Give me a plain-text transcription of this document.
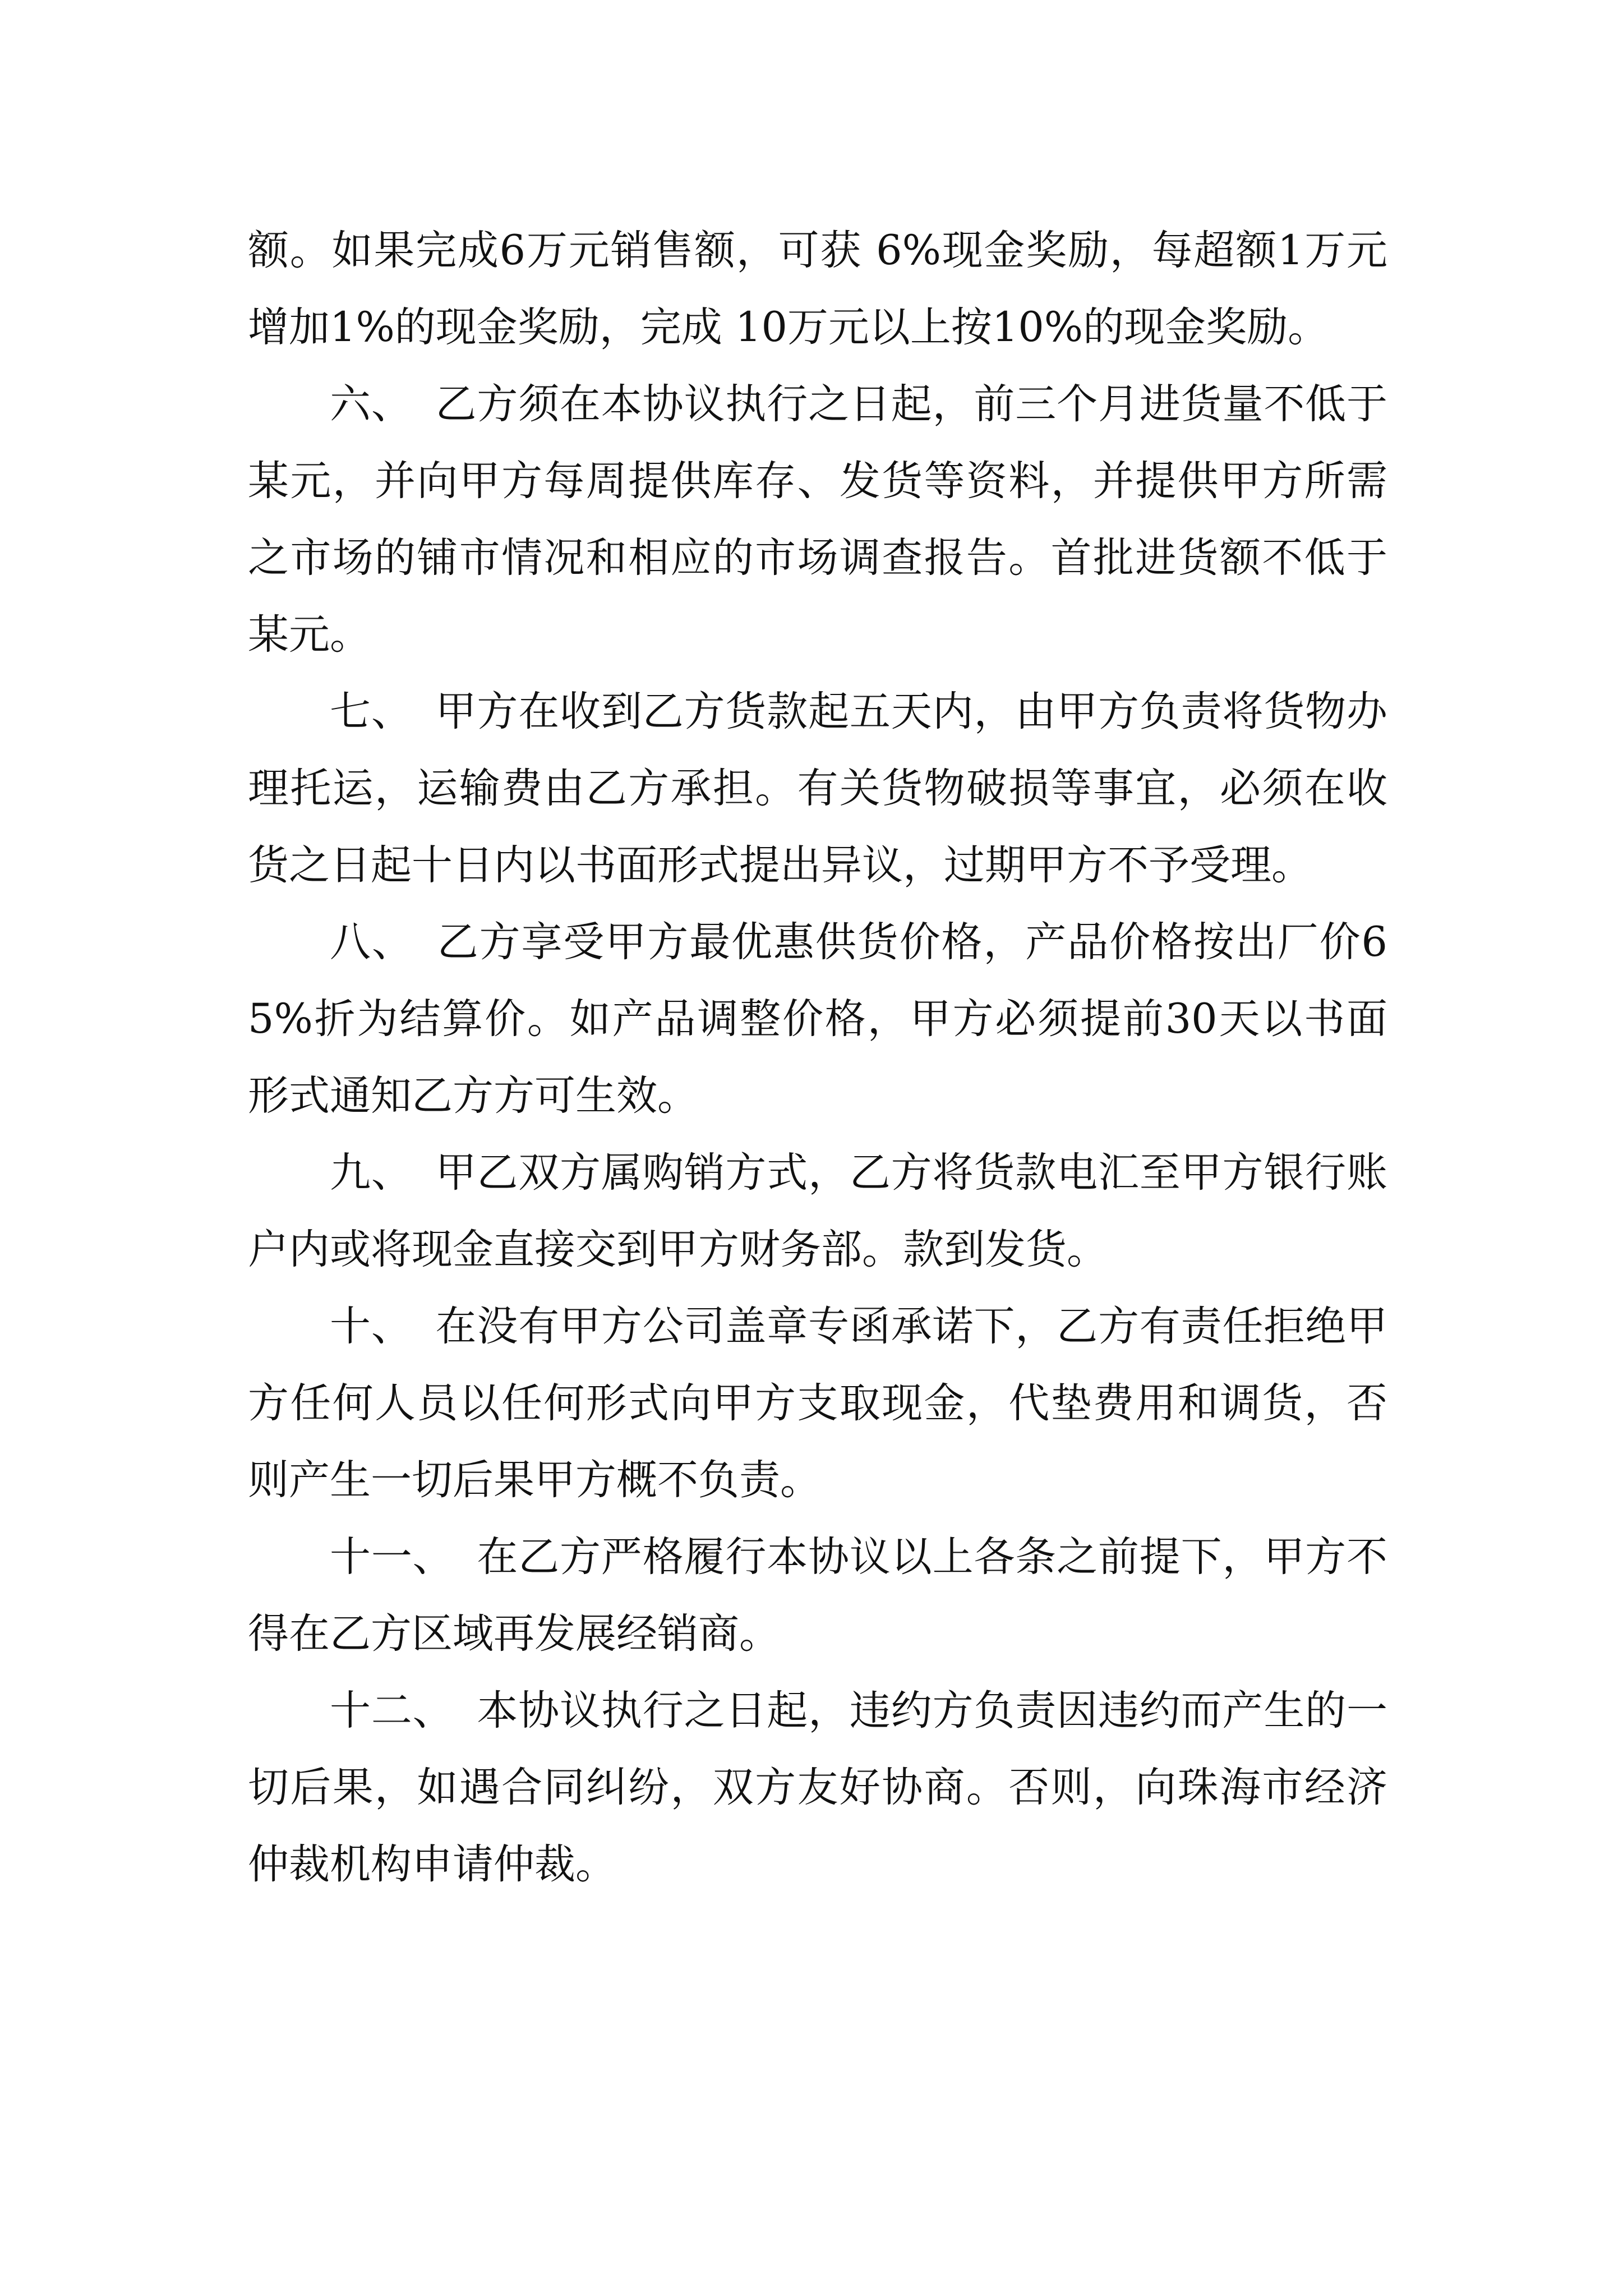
额。如果完成6万元销售额，可获 6%现金奖励，每超额1万元增加1%的现金奖励，完成 10万元以上按10%的现金奖励。

六、 乙方须在本协议执行之日起，前三个月进货量不低于某元，并向甲方每周提供库存、发货等资料，并提供甲方所需之市场的铺市情况和相应的市场调查报告。首批进货额不低于某元。

七、 甲方在收到乙方货款起五天内，由甲方负责将货物办理托运，运输费由乙方承担。有关货物破损等事宜，必须在收货之日起十日内以书面形式提出异议，过期甲方不予受理。

八、 乙方享受甲方最优惠供货价格，产品价格按出厂价65%折为结算价。如产品调整价格，甲方必须提前30天以书面形式通知乙方方可生效。

九、 甲乙双方属购销方式，乙方将货款电汇至甲方银行账户内或将现金直接交到甲方财务部。款到发货。

十、 在没有甲方公司盖章专函承诺下，乙方有责任拒绝甲方任何人员以任何形式向甲方支取现金，代垫费用和调货，否则产生一切后果甲方概不负责。

十一、 在乙方严格履行本协议以上各条之前提下，甲方不得在乙方区域再发展经销商。

十二、 本协议执行之日起，违约方负责因违约而产生的一切后果，如遇合同纠纷，双方友好协商。否则，向珠海市经济仲裁机构申请仲裁。
